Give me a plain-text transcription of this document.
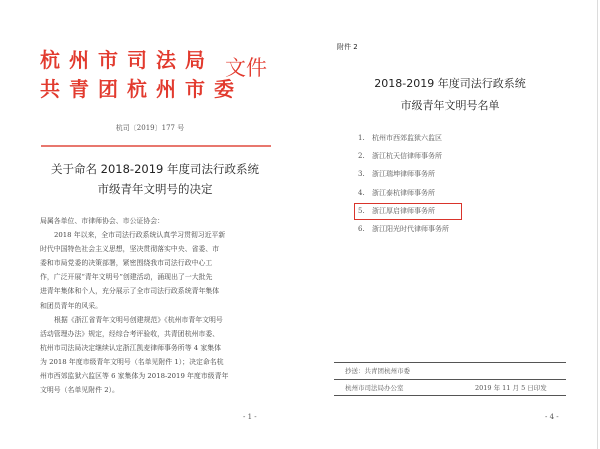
杭州市司法局
共青团杭州市委
文件
杭司〔2019〕177 号
关于命名 2018-2019 年度司法行政系统
市级青年文明号的决定

局属各单位、市律师协会、市公证协会：

2018 年以来，全市司法行政系统认真学习贯彻习近平新
时代中国特色社会主义思想，坚决贯彻落实中央、省委、市
委和市局党委的决策部署，紧密围绕我市司法行政中心工
作，广泛开展“青年文明号”创建活动，涌现出了一大批先
进青年集体和个人，充分展示了全市司法行政系统青年集体
和团员青年的风采。

根据《浙江省青年文明号创建规范》《杭州市青年文明号
活动管理办法》规定，经综合考评验收，共青团杭州市委、
杭州市司法局决定继续认定浙江凯麦律师事务所等 4 家集体
为 2018 年度市级青年文明号（名单见附件 1）；决定命名杭
州市西郊监狱六监区等 6 家集体为 2018-2019 年度市级青年
文明号（名单见附件 2）。

- 1 -
附件 2
2018-2019 年度司法行政系统
市级青年文明号名单
1. 杭州市西郊监狱六监区
2. 浙江杭天信律师事务所
3. 浙江瑞坤律师事务所
4. 浙江泰杭律师事务所
5. 浙江厚启律师事务所
6. 浙江阳光时代律师事务所
抄送：共青团杭州市委
杭州市司法局办公室	2019 年 11 月 5 日印发
- 4 -
